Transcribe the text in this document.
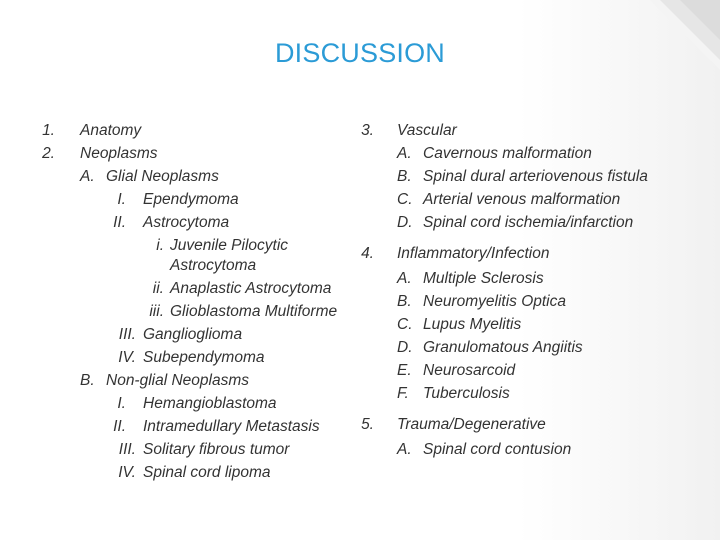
DISCUSSION
1. Anatomy
2. Neoplasms
A. Glial Neoplasms
I. Ependymoma
II. Astrocytoma
i. Juvenile Pilocytic
Astrocytoma
ii. Anaplastic Astrocytoma
iii. Glioblastoma Multiforme
III. Ganglioglioma
IV. Subependymoma
B. Non-glial Neoplasms
I. Hemangioblastoma
II. Intramedullary Metastasis
III. Solitary fibrous tumor
IV. Spinal cord lipoma
3. Vascular
A. Cavernous malformation
B. Spinal dural arteriovenous fistula
C. Arterial venous malformation
D. Spinal cord ischemia/infarction
4. Inflammatory/Infection
A. Multiple Sclerosis
B. Neuromyelitis Optica
C. Lupus Myelitis
D. Granulomatous Angiitis
E. Neurosarcoid
F. Tuberculosis
5. Trauma/Degenerative
A. Spinal cord contusion
